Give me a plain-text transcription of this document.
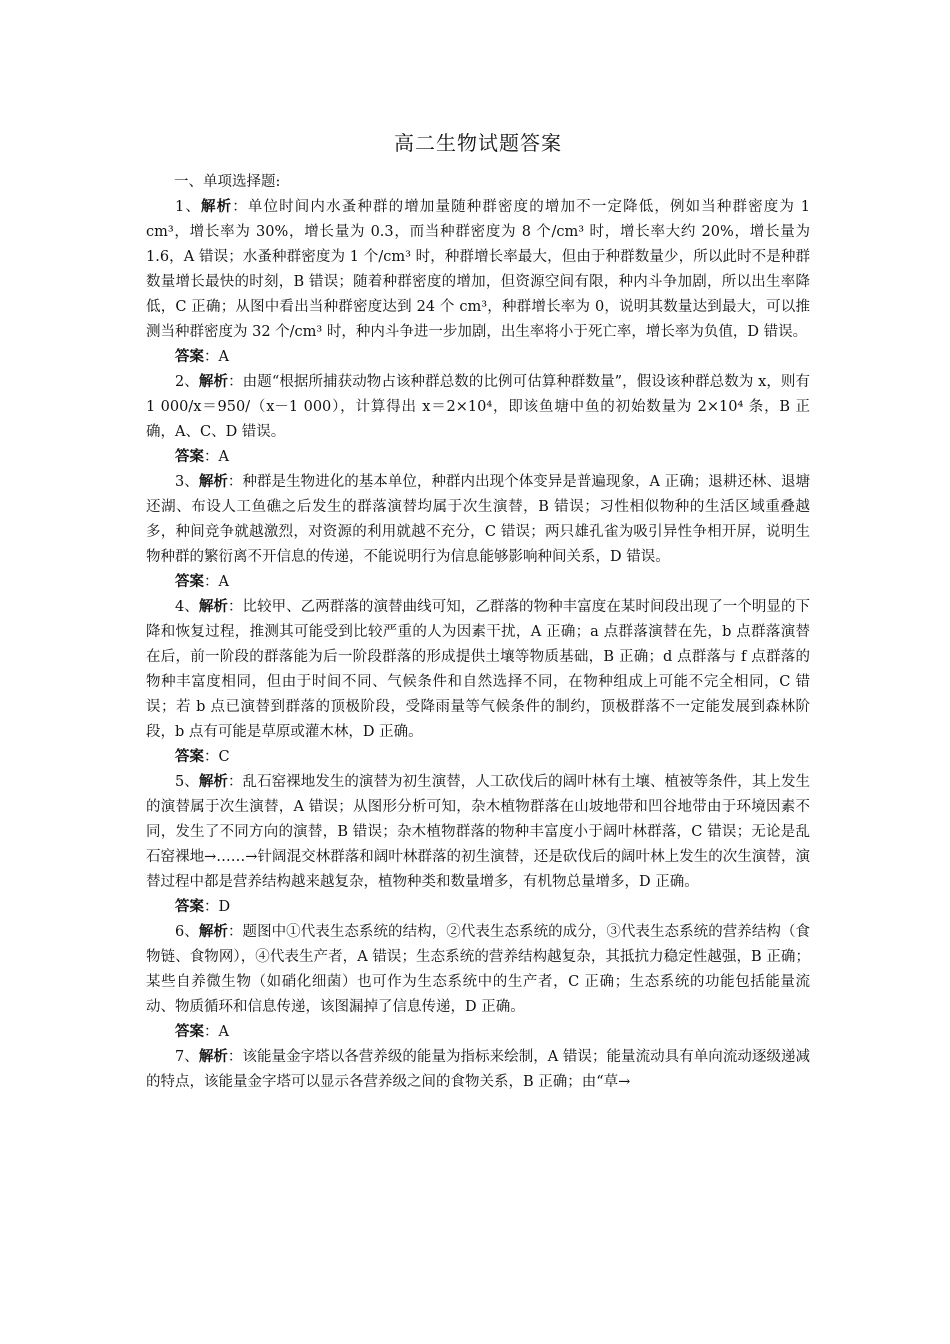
高二生物试题答案

一、单项选择题:

1、解析：单位时间内水蚤种群的增加量随种群密度的增加不一定降低，例如当种群密度为 1 cm³，增长率为 30%，增长量为 0.3，而当种群密度为 8 个/cm³ 时，增长率大约 20%，增长量为 1.6，A 错误；水蚤种群密度为 1 个/cm³ 时，种群增长率最大，但由于种群数量少，所以此时不是种群数量增长最快的时刻，B 错误；随着种群密度的增加，但资源空间有限，种内斗争加剧，所以出生率降低，C 正确；从图中看出当种群密度达到 24 个 cm³，种群增长率为 0，说明其数量达到最大，可以推测当种群密度为 32 个/cm³ 时，种内斗争进一步加剧，出生率将小于死亡率，增长率为负值，D 错误。

答案：A

2、解析：由题“根据所捕获动物占该种群总数的比例可估算种群数量”，假设该种群总数为 x，则有 1 000/x＝950/（x－1 000），计算得出 x＝2×10⁴，即该鱼塘中鱼的初始数量为 2×10⁴ 条，B 正确，A、C、D 错误。

答案：A

3、解析：种群是生物进化的基本单位，种群内出现个体变异是普遍现象，A 正确；退耕还林、退塘还湖、布设人工鱼礁之后发生的群落演替均属于次生演替，B 错误；习性相似物种的生活区域重叠越多，种间竞争就越激烈，对资源的利用就越不充分，C 错误；两只雄孔雀为吸引异性争相开屏，说明生物种群的繁衍离不开信息的传递，不能说明行为信息能够影响种间关系，D 错误。

答案：A

4、解析：比较甲、乙两群落的演替曲线可知，乙群落的物种丰富度在某时间段出现了一个明显的下降和恢复过程，推测其可能受到比较严重的人为因素干扰，A 正确；a 点群落演替在先，b 点群落演替在后，前一阶段的群落能为后一阶段群落的形成提供土壤等物质基础，B 正确；d 点群落与 f 点群落的物种丰富度相同，但由于时间不同、气候条件和自然选择不同，在物种组成上可能不完全相同，C 错误；若 b 点已演替到群落的顶极阶段，受降雨量等气候条件的制约，顶极群落不一定能发展到森林阶段，b 点有可能是草原或灌木林，D 正确。

答案：C

5、解析：乱石窑裸地发生的演替为初生演替，人工砍伐后的阔叶林有土壤、植被等条件，其上发生的演替属于次生演替，A 错误；从图形分析可知，杂木植物群落在山坡地带和凹谷地带由于环境因素不同，发生了不同方向的演替，B 错误；杂木植物群落的物种丰富度小于阔叶林群落，C 错误；无论是乱石窑裸地→……→针阔混交林群落和阔叶林群落的初生演替，还是砍伐后的阔叶林上发生的次生演替，演替过程中都是营养结构越来越复杂，植物种类和数量增多，有机物总量增多，D 正确。

答案：D

6、解析：题图中①代表生态系统的结构，②代表生态系统的成分，③代表生态系统的营养结构（食物链、食物网），④代表生产者，A 错误；生态系统的营养结构越复杂，其抵抗力稳定性越强，B 正确；某些自养微生物（如硝化细菌）也可作为生态系统中的生产者，C 正确；生态系统的功能包括能量流动、物质循环和信息传递，该图漏掉了信息传递，D 正确。

答案：A

7、解析：该能量金字塔以各营养级的能量为指标来绘制，A 错误；能量流动具有单向流动逐级递减的特点，该能量金字塔可以显示各营养级之间的食物关系，B 正确；由“草→
